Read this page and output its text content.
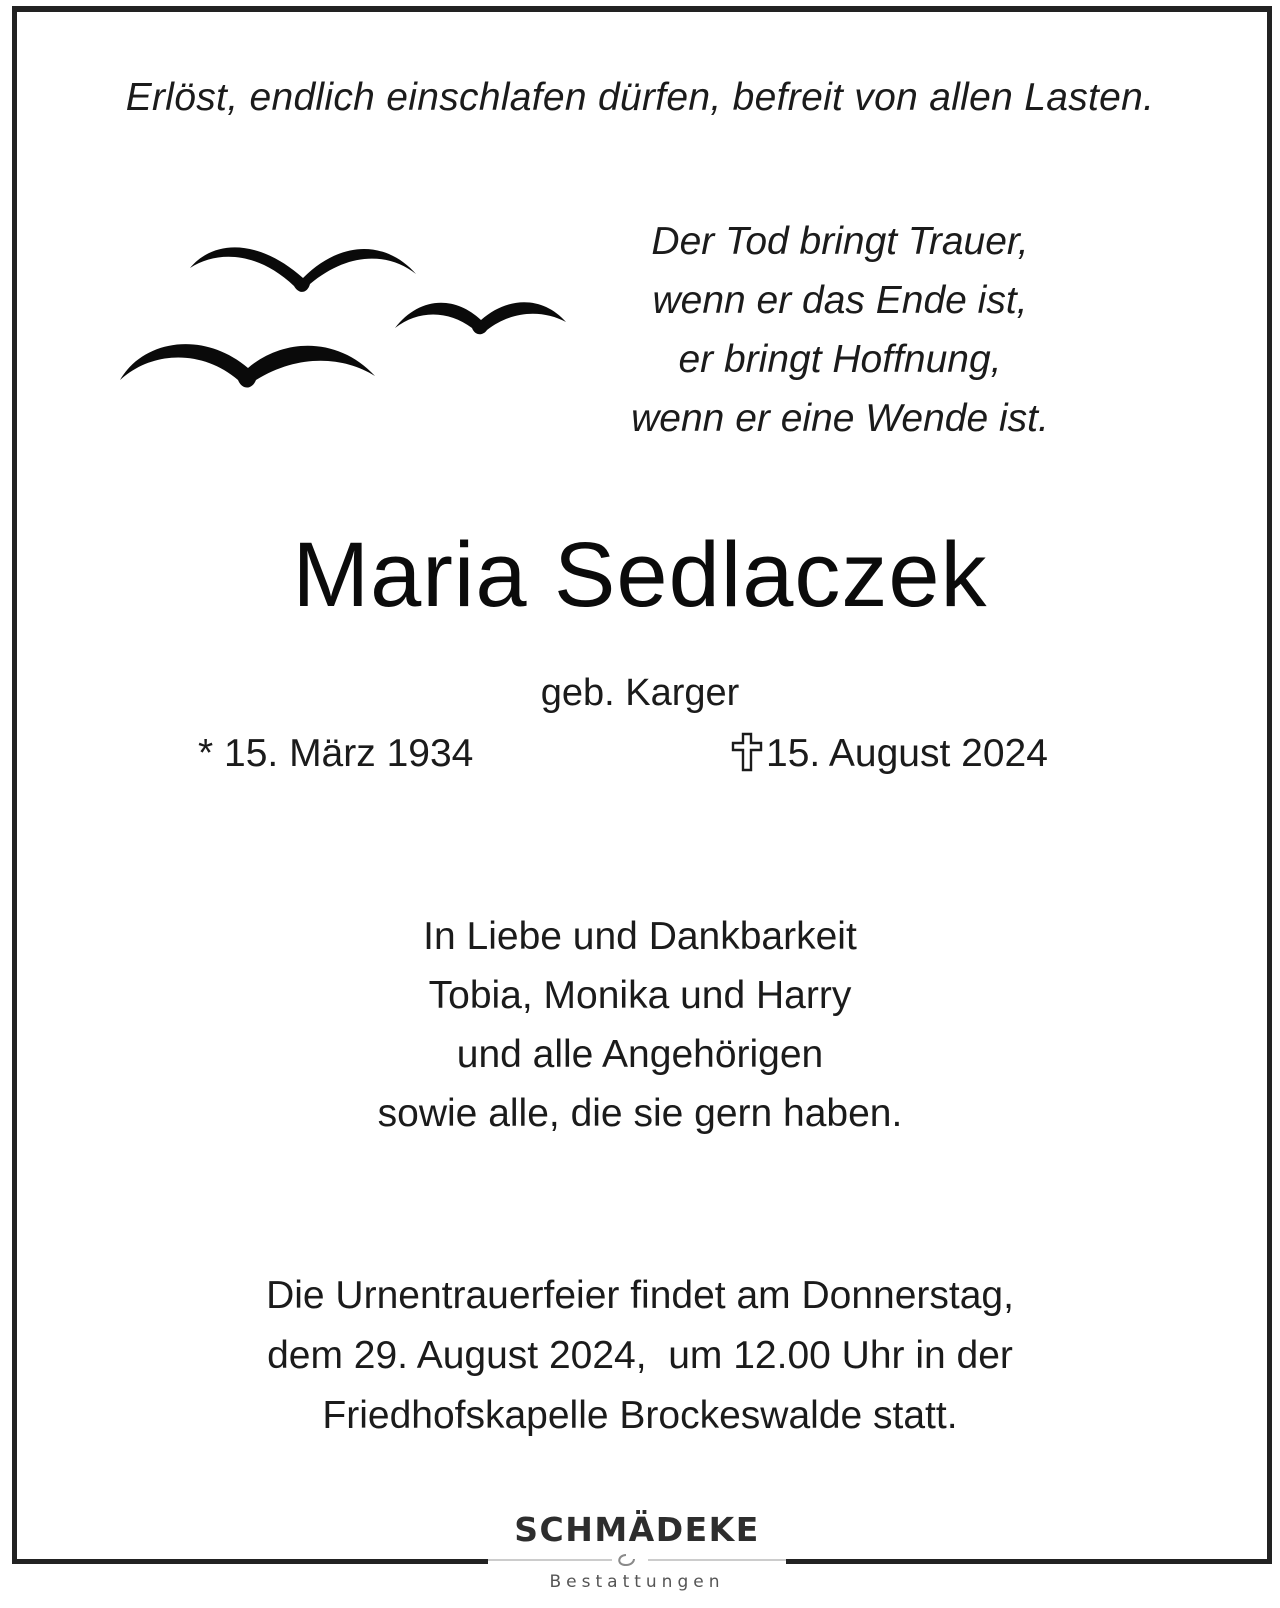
Erlöst, endlich einschlafen dürfen, befreit von allen Lasten.
Der Tod bringt Trauer,
wenn er das Ende ist,
er bringt Hoffnung,
wenn er eine Wende ist.
Maria Sedlaczek
geb. Karger
* 15. März 1934	15. August 2024
In Liebe und Dankbarkeit
Tobia, Monika und Harry
und alle Angehörigen
sowie alle, die sie gern haben.
Die Urnentrauerfeier findet am Donnerstag,
dem 29. August 2024,  um 12.00 Uhr in der
Friedhofskapelle Brockeswalde statt.
SCHMÄDEKE
Bestattungen
